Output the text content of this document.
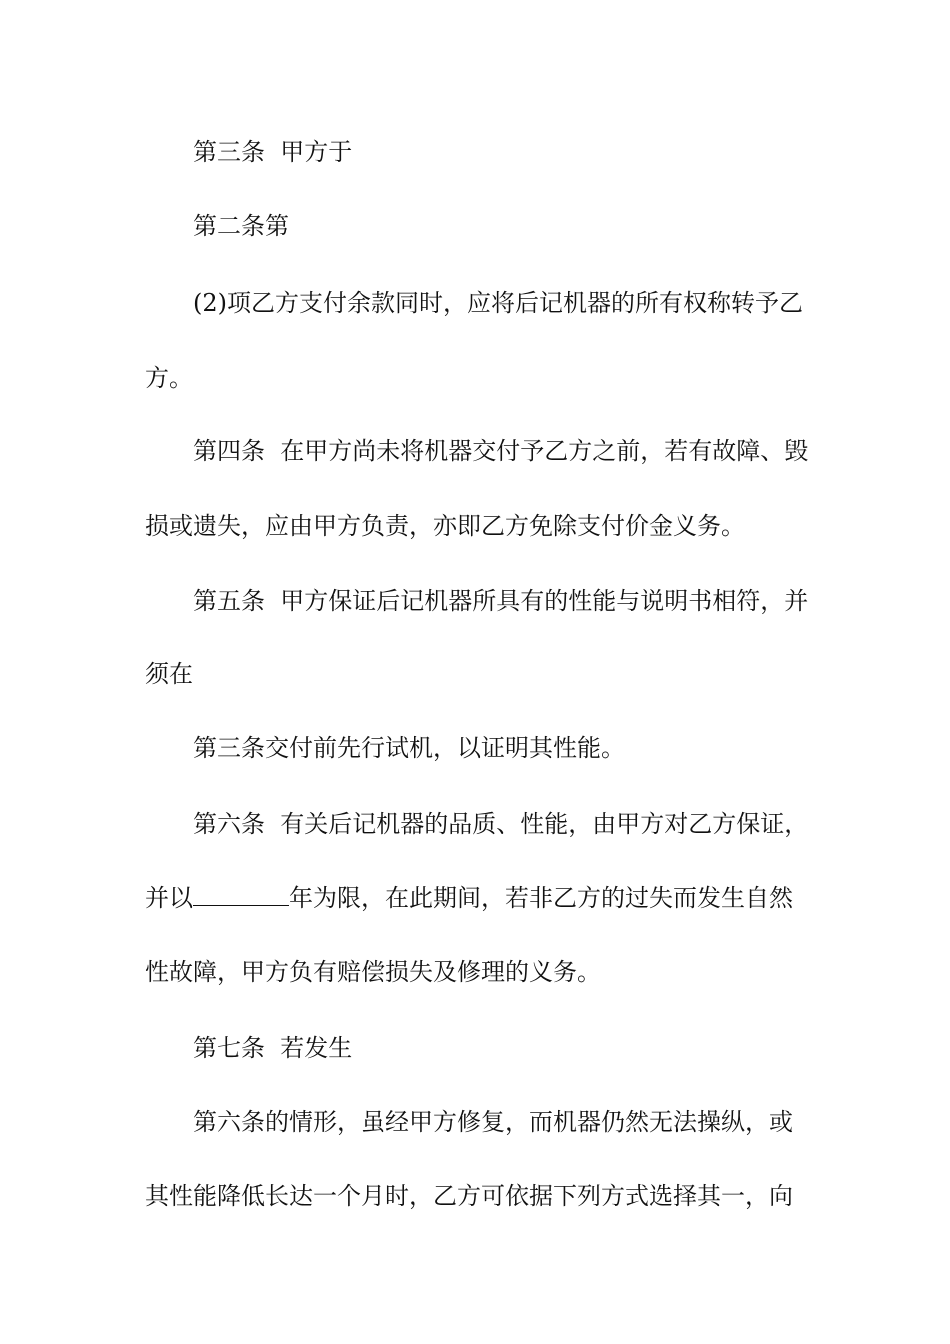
第三条  甲方于
第二条第
(2)项乙方支付余款同时，应将后记机器的所有权称转予乙
方。
第四条  在甲方尚未将机器交付予乙方之前，若有故障、毁
损或遗失，应由甲方负责，亦即乙方免除支付价金义务。
第五条  甲方保证后记机器所具有的性能与说明书相符，并
须在
第三条交付前先行试机，以证明其性能。
第六条  有关后记机器的品质、性能，由甲方对乙方保证，
并以	年为限，在此期间，若非乙方的过失而发生自然
性故障，甲方负有赔偿损失及修理的义务。
第七条  若发生
第六条的情形，虽经甲方修复，而机器仍然无法操纵，或
其性能降低长达一个月时，乙方可依据下列方式选择其一，向
